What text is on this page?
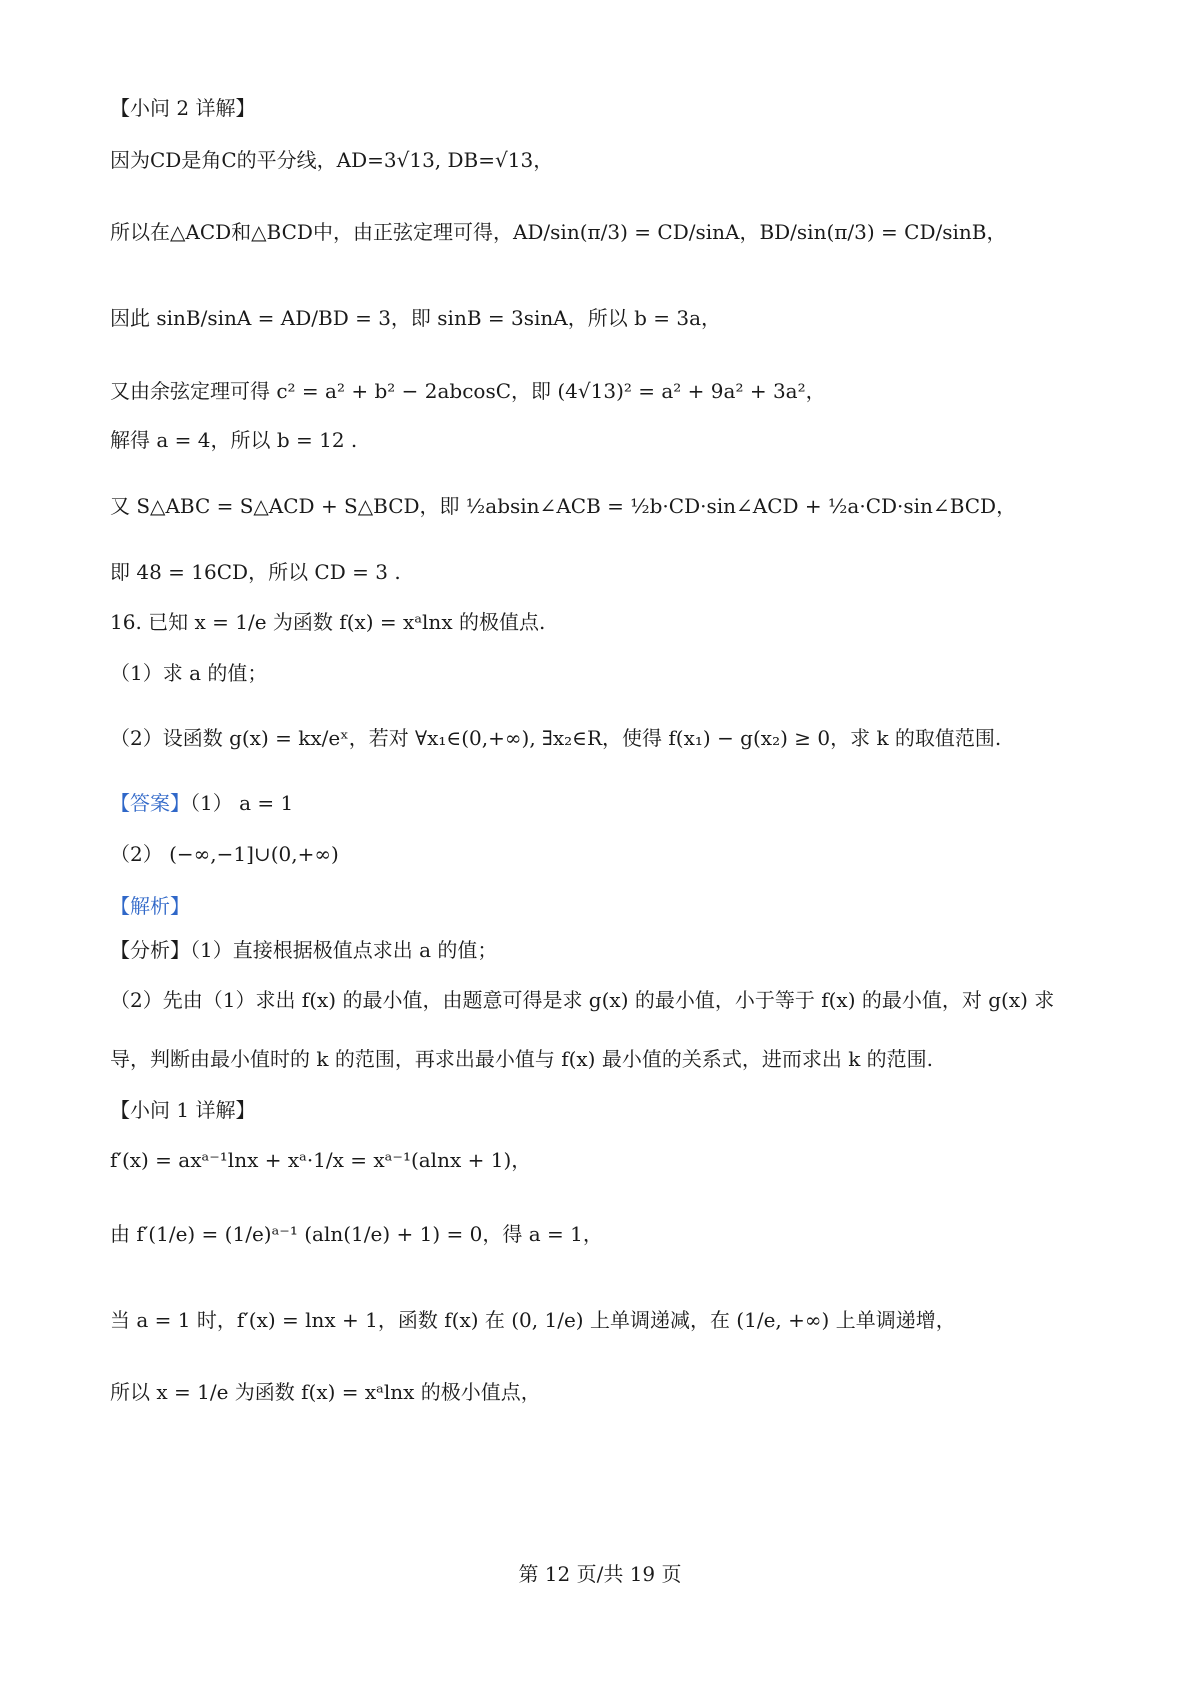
【小问 2 详解】
因为CD是角C的平分线，AD=3√13, DB=√13，
所以在△ACD和△BCD中，由正弦定理可得，AD/sin(π/3) = CD/sinA，BD/sin(π/3) = CD/sinB，
因此 sinB/sinA = AD/BD = 3，即 sinB = 3sinA，所以 b = 3a，
又由余弦定理可得 c² = a² + b² − 2abcosC，即 (4√13)² = a² + 9a² + 3a²，
解得 a = 4，所以 b = 12 .
又 S△ABC = S△ACD + S△BCD，即 ½absin∠ACB = ½b·CD·sin∠ACD + ½a·CD·sin∠BCD，
即 48 = 16CD，所以 CD = 3 .
16. 已知 x = 1/e 为函数 f(x) = xᵃlnx 的极值点.
（1）求 a 的值；
（2）设函数 g(x) = kx/eˣ，若对 ∀x₁∈(0,+∞), ∃x₂∈R，使得 f(x₁) − g(x₂) ≥ 0，求 k 的取值范围.
【答案】（1） a = 1
（2） (−∞,−1]∪(0,+∞)
【解析】
【分析】（1）直接根据极值点求出 a 的值；
（2）先由（1）求出 f(x) 的最小值，由题意可得是求 g(x) 的最小值，小于等于 f(x) 的最小值，对 g(x) 求
导，判断由最小值时的 k 的范围，再求出最小值与 f(x) 最小值的关系式，进而求出 k 的范围.
【小问 1 详解】
f′(x) = axᵃ⁻¹lnx + xᵃ·1/x = xᵃ⁻¹(alnx + 1)，
由 f′(1/e) = (1/e)ᵃ⁻¹ (aln(1/e) + 1) = 0，得 a = 1，
当 a = 1 时，f′(x) = lnx + 1，函数 f(x) 在 (0, 1/e) 上单调递减，在 (1/e, +∞) 上单调递增，
所以 x = 1/e 为函数 f(x) = xᵃlnx 的极小值点，
第 12 页/共 19 页
